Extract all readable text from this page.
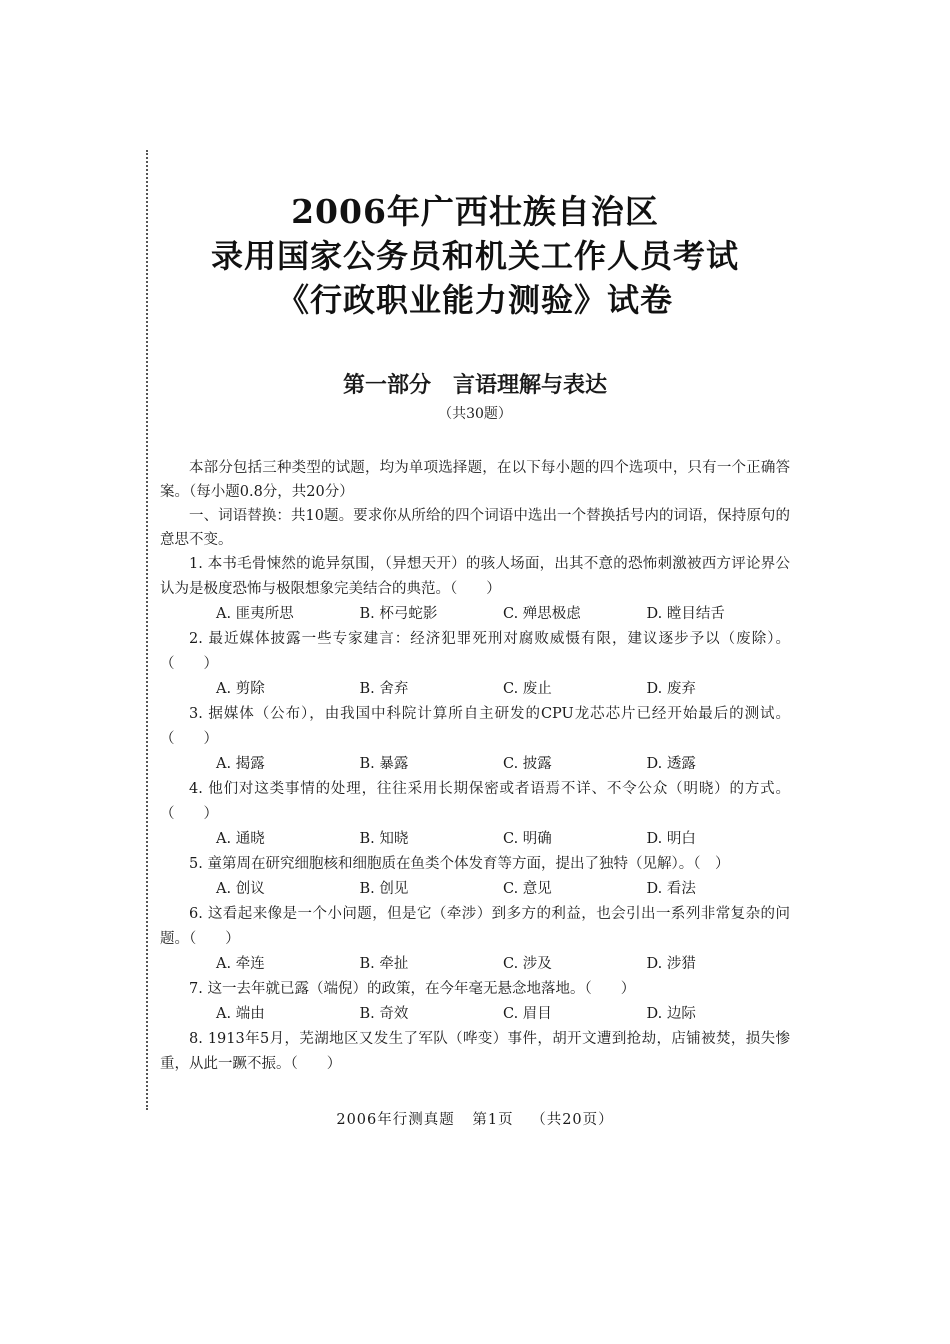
2006年广西壮族自治区
录用国家公务员和机关工作人员考试
《行政职业能力测验》试卷
第一部分 言语理解与表达
（共30题）

本部分包括三种类型的试题，均为单项选择题，在以下每小题的四个选项中，只有一个正确答案。（每小题0.8分，共20分）

一、词语替换：共10题。要求你从所给的四个词语中选出一个替换括号内的词语，保持原句的意思不变。

1. 本书毛骨悚然的诡异氛围，（异想天开）的骇人场面，出其不意的恐怖刺激被西方评论界公认为是极度恐怖与极限想象完美结合的典范。（　　）

A. 匪夷所思	B. 杯弓蛇影	C. 殚思极虑	D. 瞠目结舌

2. 最近媒体披露一些专家建言：经济犯罪死刑对腐败威慑有限，建议逐步予以（废除）。（　　）

A. 剪除	B. 舍弃	C. 废止	D. 废弃

3. 据媒体（公布），由我国中科院计算所自主研发的CPU龙芯芯片已经开始最后的测试。（　　）

A. 揭露	B. 暴露	C. 披露	D. 透露

4. 他们对这类事情的处理，往往采用长期保密或者语焉不详、不令公众（明晓）的方式。（　　）

A. 通晓	B. 知晓	C. 明确	D. 明白

5. 童第周在研究细胞核和细胞质在鱼类个体发育等方面，提出了独特（见解）。（　）

A. 创议	B. 创见	C. 意见	D. 看法

6. 这看起来像是一个小问题，但是它（牵涉）到多方的利益，也会引出一系列非常复杂的问题。（　　）

A. 牵连	B. 牵扯	C. 涉及	D. 涉猎

7. 这一去年就已露（端倪）的政策，在今年毫无悬念地落地。（　　）

A. 端由	B. 奇效	C. 眉目	D. 边际

8. 1913年5月，芜湖地区又发生了军队（哗变）事件，胡开文遭到抢劫，店铺被焚，损失惨重，从此一蹶不振。（　　）

2006年行测真题 第1页 （共20页）
